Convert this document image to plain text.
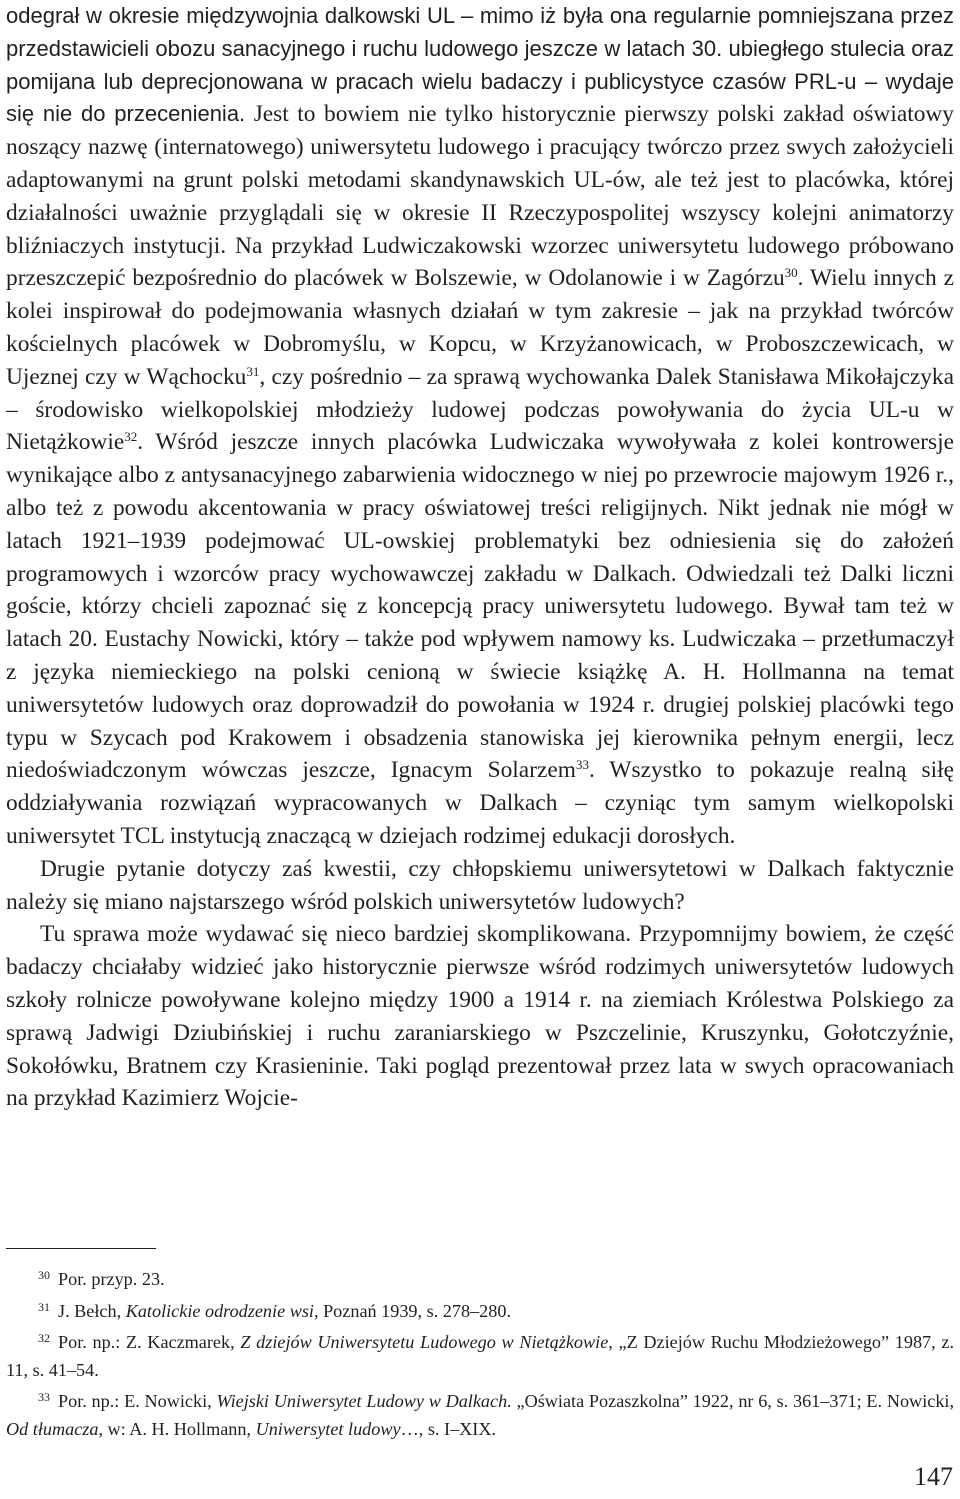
odegrał w okresie międzywojnia dalkowski UL – mimo iż była ona regularnie pomniejszana przez przedstawicieli obozu sanacyjnego i ruchu ludowego jeszcze w latach 30. ubiegłego stulecia oraz pomijana lub deprecjonowana w pracach wielu badaczy i publicystyce czasów PRL-u – wydaje się nie do przecenienia. Jest to bowiem nie tylko historycznie pierwszy polski zakład oświatowy noszący nazwę (internatowego) uniwersytetu ludowego i pracujący twórczo przez swych założycieli adaptowanymi na grunt polski metodami skandynawskich UL-ów, ale też jest to placówka, której działalności uważnie przyglądali się w okresie II Rzeczypospolitej wszyscy kolejni animatorzy bliźniaczych instytucji. Na przykład Ludwiczakowski wzorzec uniwersytetu ludowego próbowano przeszczepić bezpośrednio do placówek w Bolszewie, w Odolanowie i w Zagórzu$^{30}$. Wielu innych z kolei inspirował do podejmowania własnych działań w tym zakresie – jak na przykład twórców kościelnych placówek w Dobromyślu, w Kopcu, w Krzyżanowicach, w Proboszczewicach, w Ujeznej czy w Wąchocku$^{31}$, czy pośrednio – za sprawą wychowanka Dalek Stanisława Mikołajczyka – środowisko wielkopolskiej młodzieży ludowej podczas powoływania do życia UL-u w Nietążkowie$^{32}$. Wśród jeszcze innych placówka Ludwiczaka wywoływała z kolei kontrowersje wynikające albo z antysanacyjnego zabarwienia widocznego w niej po przewrocie majowym 1926 r., albo też z powodu akcentowania w pracy oświatowej treści religijnych. Nikt jednak nie mógł w latach 1921–1939 podejmować UL-owskiej problematyki bez odniesienia się do założeń programowych i wzorców pracy wychowawczej zakładu w Dalkach. Odwiedzali też Dalki liczni goście, którzy chcieli zapoznać się z koncepcją pracy uniwersytetu ludowego. Bywał tam też w latach 20. Eustachy Nowicki, który – także pod wpływem namowy ks. Ludwiczaka – przetłumaczył z języka niemieckiego na polski cenioną w świecie książkę A. H. Hollmanna na temat uniwersytetów ludowych oraz doprowadził do powołania w 1924 r. drugiej polskiej placówki tego typu w Szycach pod Krakowem i obsadzenia stanowiska jej kierownika pełnym energii, lecz niedoświadczonym wówczas jeszcze, Ignacym Solarzem$^{33}$. Wszystko to pokazuje realną siłę oddziaływania rozwiązań wypracowanych w Dalkach – czyniąc tym samym wielkopolski uniwersytet TCL instytucją znaczącą w dziejach rodzimej edukacji dorosłych.

Drugie pytanie dotyczy zaś kwestii, czy chłopskiemu uniwersytetowi w Dalkach faktycznie należy się miano najstarszego wśród polskich uniwersytetów ludowych?

Tu sprawa może wydawać się nieco bardziej skomplikowana. Przypomnijmy bowiem, że część badaczy chciałaby widzieć jako historycznie pierwsze wśród rodzimych uniwersytetów ludowych szkoły rolnicze powoływane kolejno między 1900 a 1914 r. na ziemiach Królestwa Polskiego za sprawą Jadwigi Dziubińskiej i ruchu zaraniarskiego w Pszczelinie, Kruszynku, Gołotczyźnie, Sokołówku, Bratnem czy Krasieninie. Taki pogląd prezentował przez lata w swych opracowaniach na przykład Kazimierz Wojcie-

30 Por. przyp. 23.

31 J. Bełch, Katolickie odrodzenie wsi, Poznań 1939, s. 278–280.

32 Por. np.: Z. Kaczmarek, Z dziejów Uniwersytetu Ludowego w Nietążkowie, „Z Dziejów Ruchu Młodzieżowego” 1987, z. 11, s. 41–54.

33 Por. np.: E. Nowicki, Wiejski Uniwersytet Ludowy w Dalkach. „Oświata Pozaszkolna” 1922, nr 6, s. 361–371; E. Nowicki, Od tłumacza, w: A. H. Hollmann, Uniwersytet ludowy…, s. I–XIX.

147
